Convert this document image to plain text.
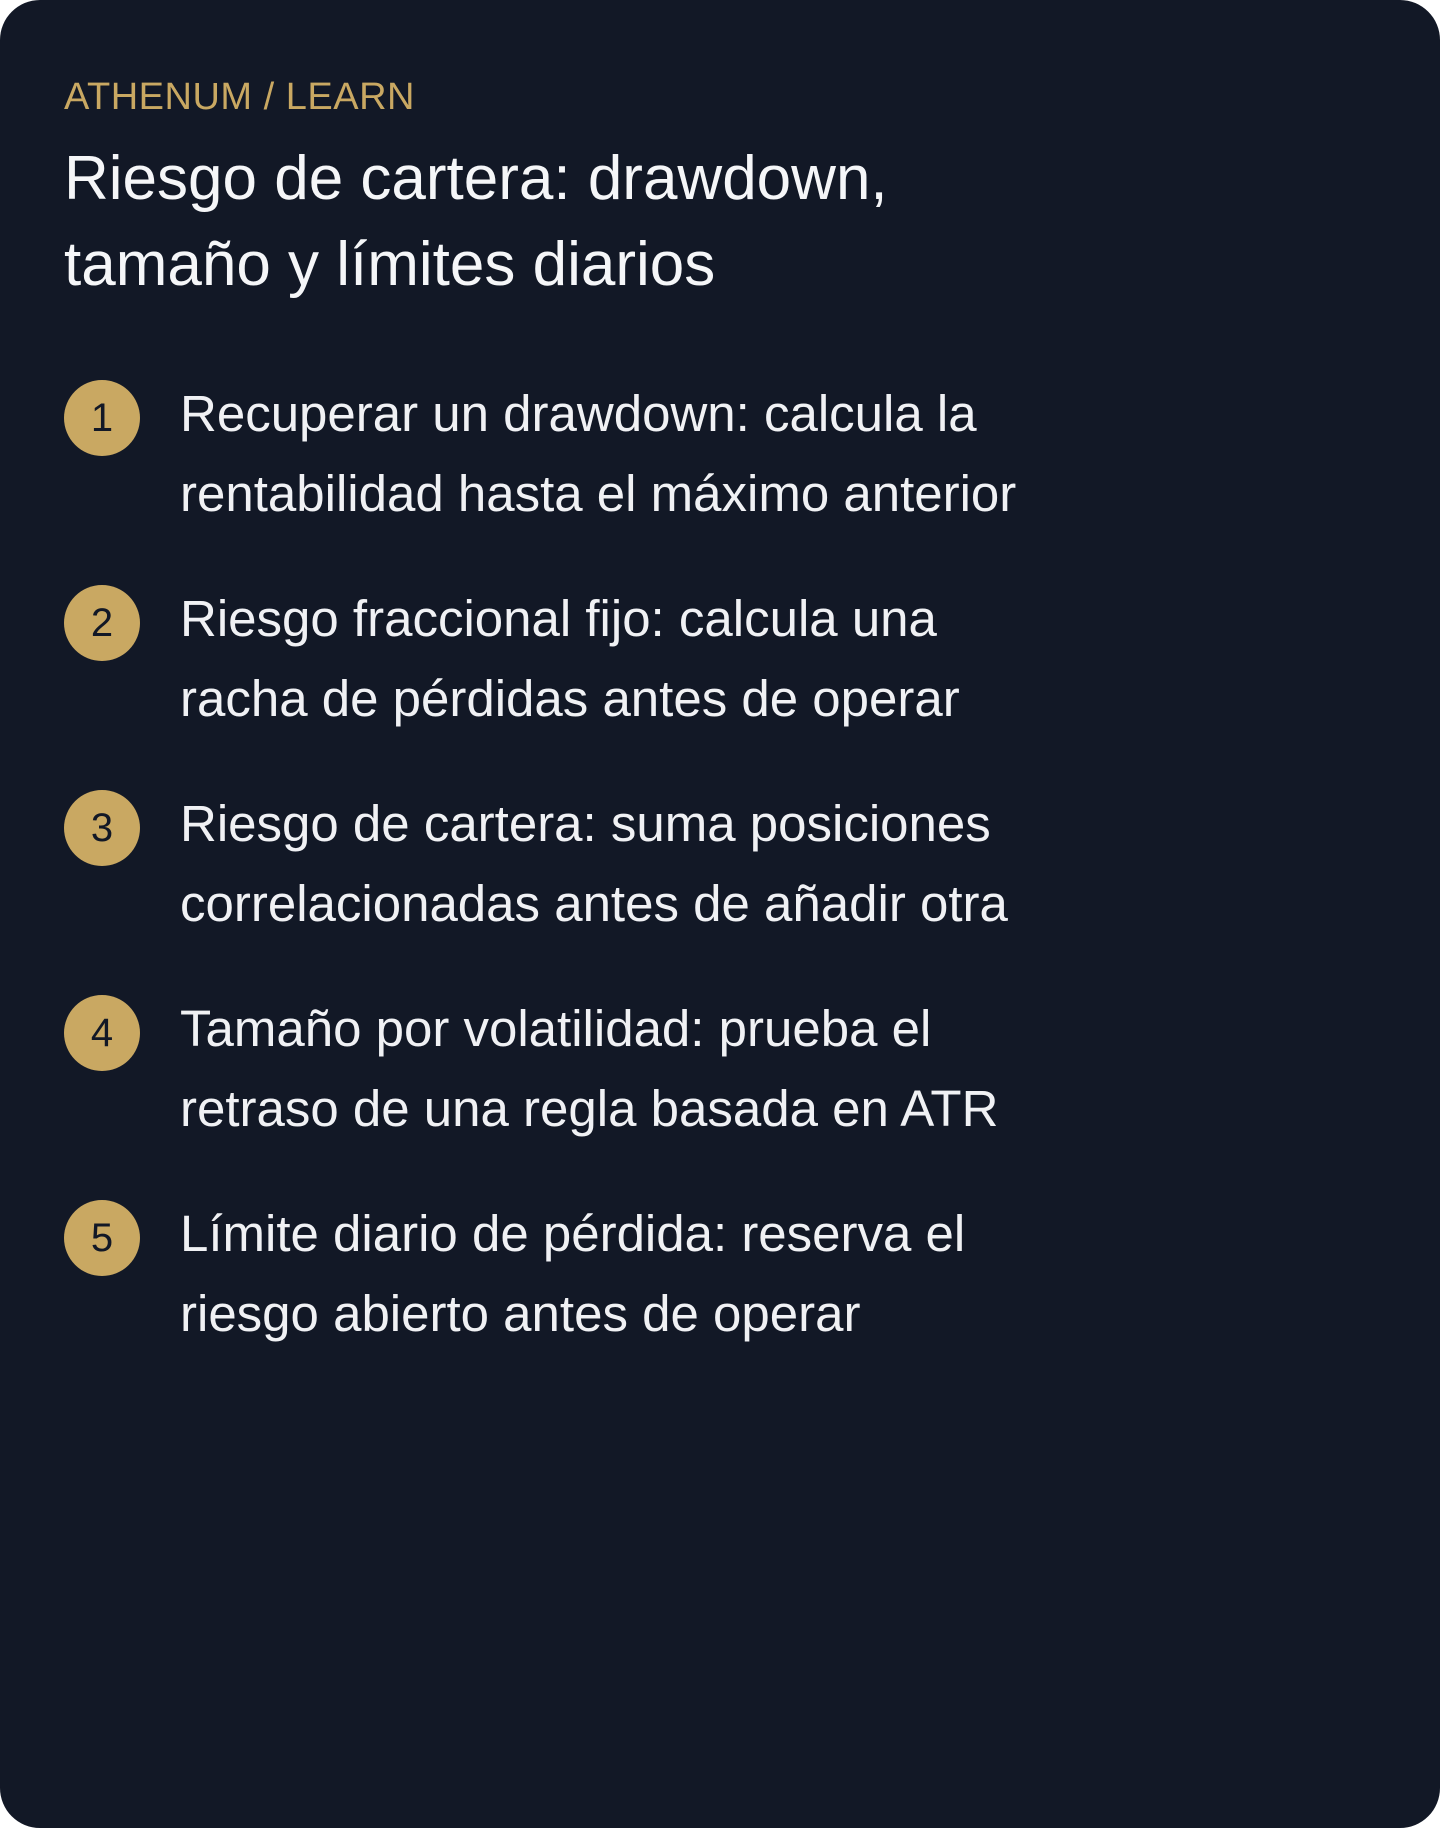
ATHENUM / LEARN

Riesgo de cartera: drawdown, tamaño y límites diarios
1	Recuperar un drawdown: calcula la rentabilidad hasta el máximo anterior
2	Riesgo fraccional fijo: calcula una racha de pérdidas antes de operar
3	Riesgo de cartera: suma posiciones correlacionadas antes de añadir otra
4	Tamaño por volatilidad: prueba el retraso de una regla basada en ATR
5	Límite diario de pérdida: reserva el riesgo abierto antes de operar
